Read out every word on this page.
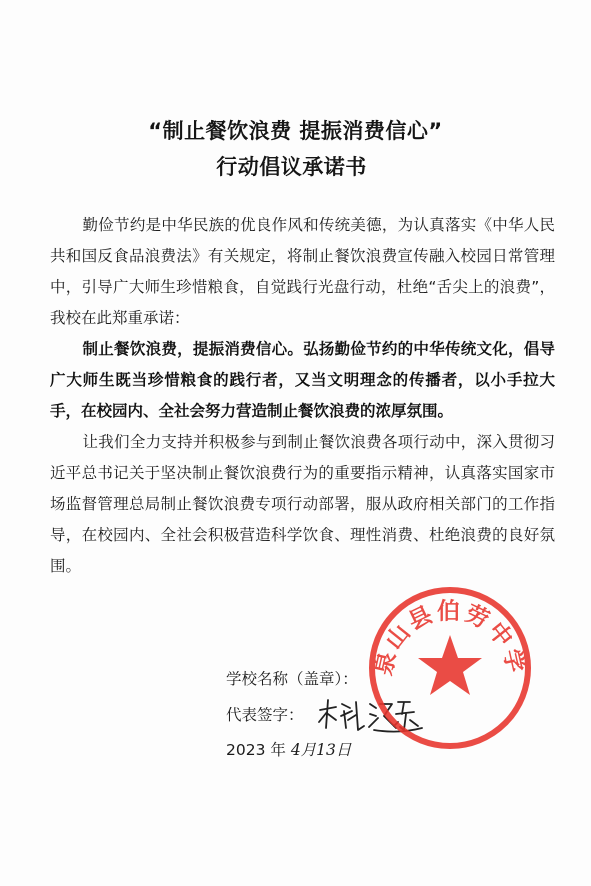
“制止餐饮浪费 提振消费信心”
行动倡议承诺书

勤俭节约是中华民族的优良作风和传统美德，为认真落实《中华人民共和国反食品浪费法》有关规定，将制止餐饮浪费宣传融入校园日常管理中，引导广大师生珍惜粮食，自觉践行光盘行动，杜绝“舌尖上的浪费”，我校在此郑重承诺：

制止餐饮浪费，提振消费信心。弘扬勤俭节约的中华传统文化，倡导广大师生既当珍惜粮食的践行者，又当文明理念的传播者，以小手拉大手，在校园内、全社会努力营造制止餐饮浪费的浓厚氛围。

让我们全力支持并积极参与到制止餐饮浪费各项行动中，深入贯彻习近平总书记关于坚决制止餐饮浪费行为的重要指示精神，认真落实国家市场监督管理总局制止餐饮浪费专项行动部署，服从政府相关部门的工作指导，在校园内、全社会积极营造科学饮食、理性消费、杜绝浪费的良好氛围。

学校名称（盖章）：
代表签字：
2023 年 4月13日
泉山县伯劳中学
